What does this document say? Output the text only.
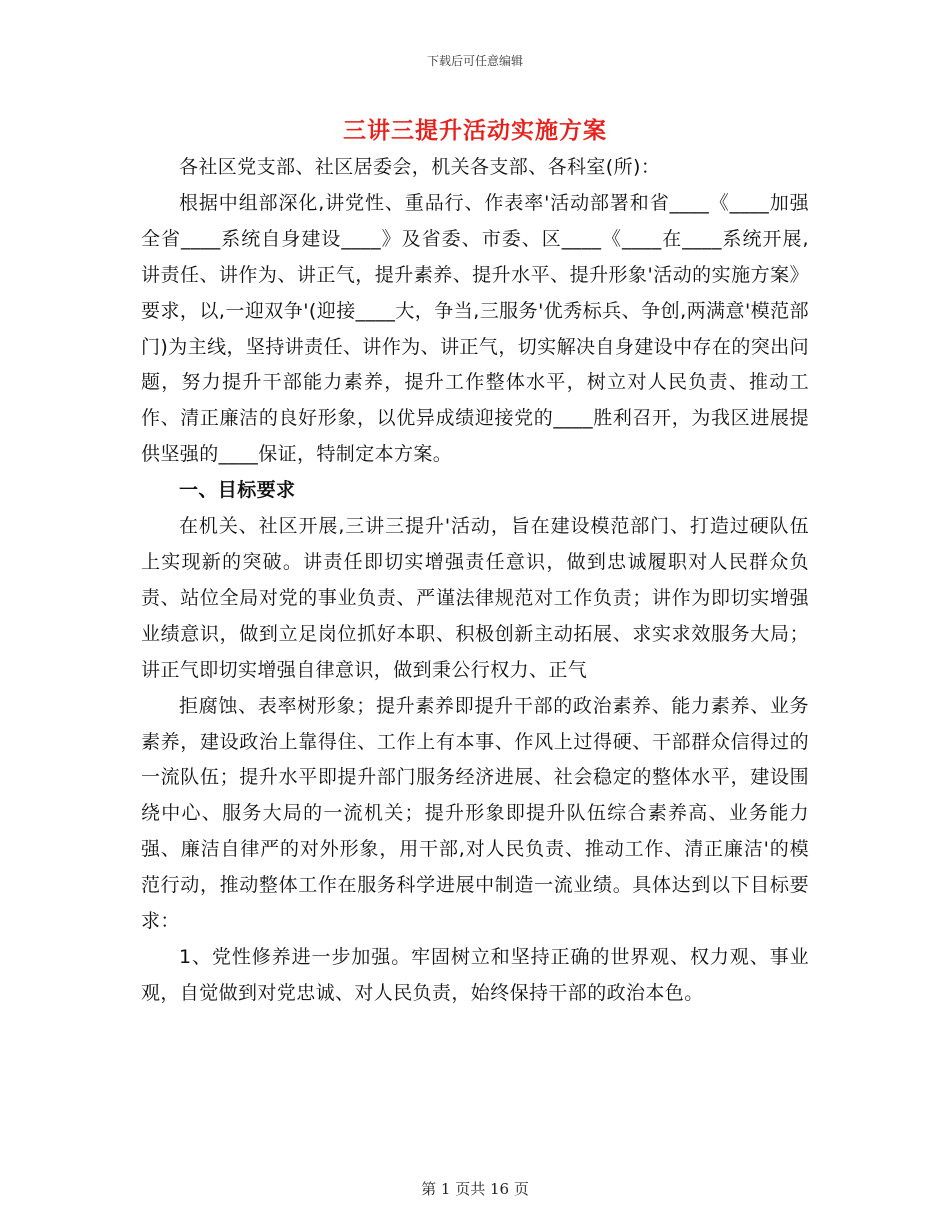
下载后可任意编辑
三讲三提升活动实施方案

各社区党支部、社区居委会，机关各支部、各科室(所)：

根据中组部深化,讲党性、重品行、作表率'活动部署和省____《____加强全省____系统自身建设____》及省委、市委、区____《____在____系统开展,讲责任、讲作为、讲正气，提升素养、提升水平、提升形象'活动的实施方案》要求，以,一迎双争'(迎接____大，争当,三服务'优秀标兵、争创,两满意'模范部门)为主线，坚持讲责任、讲作为、讲正气，切实解决自身建设中存在的突出问题，努力提升干部能力素养，提升工作整体水平，树立对人民负责、推动工作、清正廉洁的良好形象，以优异成绩迎接党的____胜利召开，为我区进展提供坚强的____保证，特制定本方案。

一、目标要求

在机关、社区开展,三讲三提升'活动，旨在建设模范部门、打造过硬队伍上实现新的突破。讲责任即切实增强责任意识，做到忠诚履职对人民群众负责、站位全局对党的事业负责、严谨法律规范对工作负责；讲作为即切实增强业绩意识，做到立足岗位抓好本职、积极创新主动拓展、求实求效服务大局；讲正气即切实增强自律意识，做到秉公行权力、正气

拒腐蚀、表率树形象；提升素养即提升干部的政治素养、能力素养、业务素养，建设政治上靠得住、工作上有本事、作风上过得硬、干部群众信得过的一流队伍；提升水平即提升部门服务经济进展、社会稳定的整体水平，建设围绕中心、服务大局的一流机关；提升形象即提升队伍综合素养高、业务能力强、廉洁自律严的对外形象，用干部,对人民负责、推动工作、清正廉洁'的模范行动，推动整体工作在服务科学进展中制造一流业绩。具体达到以下目标要求：

1、党性修养进一步加强。牢固树立和坚持正确的世界观、权力观、事业观，自觉做到对党忠诚、对人民负责，始终保持干部的政治本色。

第 1 页共 16 页
